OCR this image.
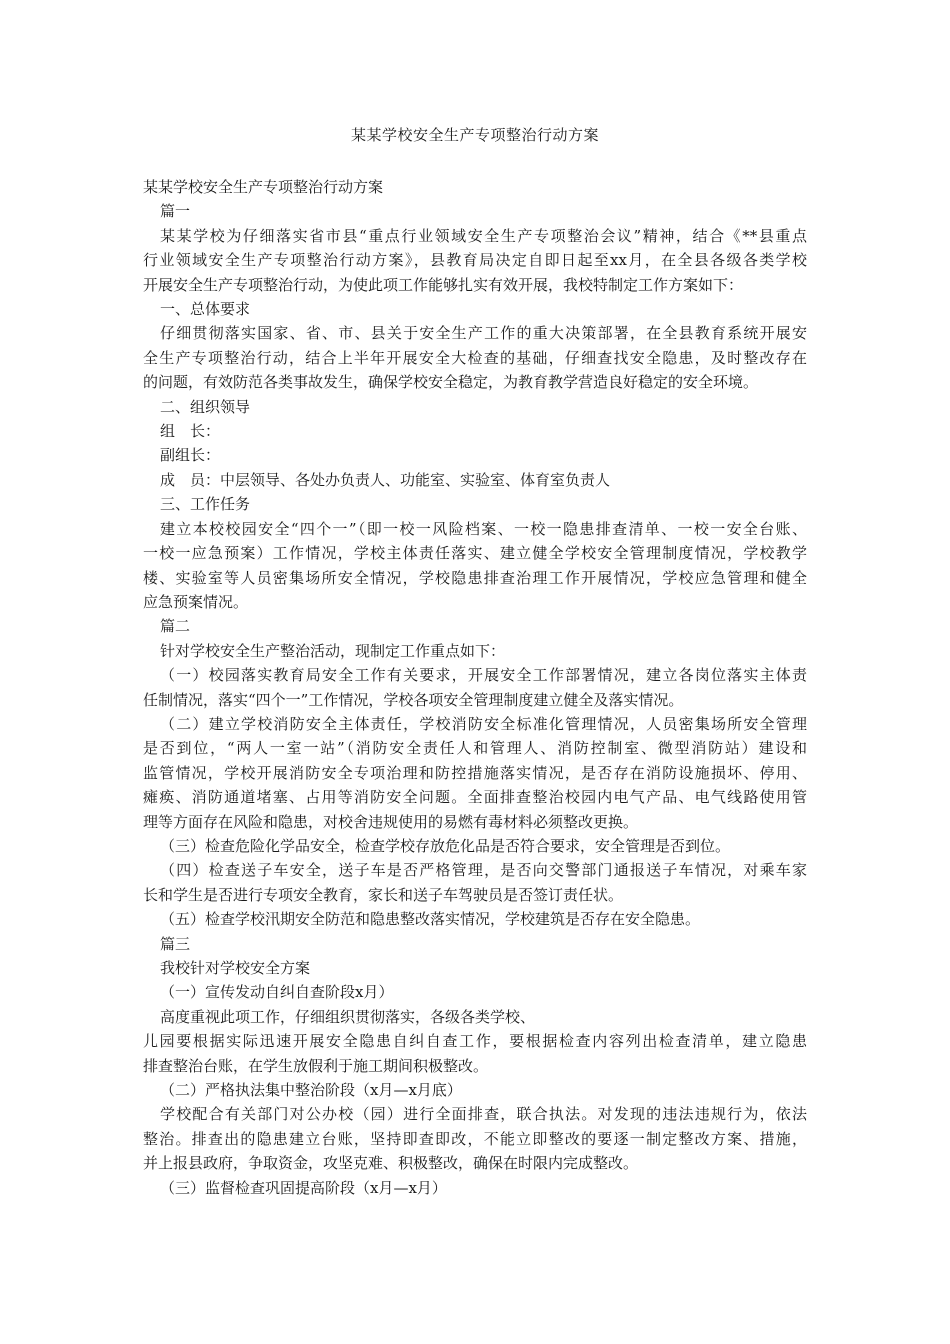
某某学校安全生产专项整治行动方案
某某学校安全生产专项整治行动方案
篇一
某某学校为仔细落实省市县“重点行业领域安全生产专项整治会议”精神，结合《**县重点
行业领域安全生产专项整治行动方案》，县教育局决定自即日起至xx月，在全县各级各类学校
开展安全生产专项整治行动，为使此项工作能够扎实有效开展，我校特制定工作方案如下：
一、总体要求
仔细贯彻落实国家、省、市、县关于安全生产工作的重大决策部署，在全县教育系统开展安
全生产专项整治行动，结合上半年开展安全大检查的基础，仔细查找安全隐患，及时整改存在
的问题，有效防范各类事故发生，确保学校安全稳定，为教育教学营造良好稳定的安全环境。
二、组织领导
组　长：
副组长：
成　员：中层领导、各处办负责人、功能室、实验室、体育室负责人
三、工作任务
建立本校校园安全“四个一”（即一校一风险档案、一校一隐患排查清单、一校一安全台账、
一校一应急预案）工作情况，学校主体责任落实、建立健全学校安全管理制度情况，学校教学
楼、实验室等人员密集场所安全情况，学校隐患排查治理工作开展情况，学校应急管理和健全
应急预案情况。
篇二
针对学校安全生产整治活动，现制定工作重点如下：
（一）校园落实教育局安全工作有关要求，开展安全工作部署情况，建立各岗位落实主体责
任制情况，落实“四个一”工作情况，学校各项安全管理制度建立健全及落实情况。
（二）建立学校消防安全主体责任，学校消防安全标准化管理情况，人员密集场所安全管理
是否到位，“两人一室一站”（消防安全责任人和管理人、消防控制室、微型消防站）建设和
监管情况，学校开展消防安全专项治理和防控措施落实情况，是否存在消防设施损坏、停用、
瘫痪、消防通道堵塞、占用等消防安全问题。全面排查整治校园内电气产品、电气线路使用管
理等方面存在风险和隐患，对校舍违规使用的易燃有毒材料必须整改更换。
（三）检查危险化学品安全，检查学校存放危化品是否符合要求，安全管理是否到位。
（四）检查送子车安全，送子车是否严格管理，是否向交警部门通报送子车情况，对乘车家
长和学生是否进行专项安全教育，家长和送子车驾驶员是否签订责任状。
（五）检查学校汛期安全防范和隐患整改落实情况，学校建筑是否存在安全隐患。
篇三
我校针对学校安全方案
（一）宣传发动自纠自查阶段x月）
高度重视此项工作，仔细组织贯彻落实，各级各类学校、
儿园要根据实际迅速开展安全隐患自纠自查工作，要根据检查内容列出检查清单，建立隐患
排查整治台账，在学生放假利于施工期间积极整改。
（二）严格执法集中整治阶段（x月—x月底）
学校配合有关部门对公办校（园）进行全面排查，联合执法。对发现的违法违规行为，依法
整治。排查出的隐患建立台账，坚持即查即改，不能立即整改的要逐一制定整改方案、措施，
并上报县政府，争取资金，攻坚克难、积极整改，确保在时限内完成整改。
（三）监督检查巩固提高阶段（x月—x月）
